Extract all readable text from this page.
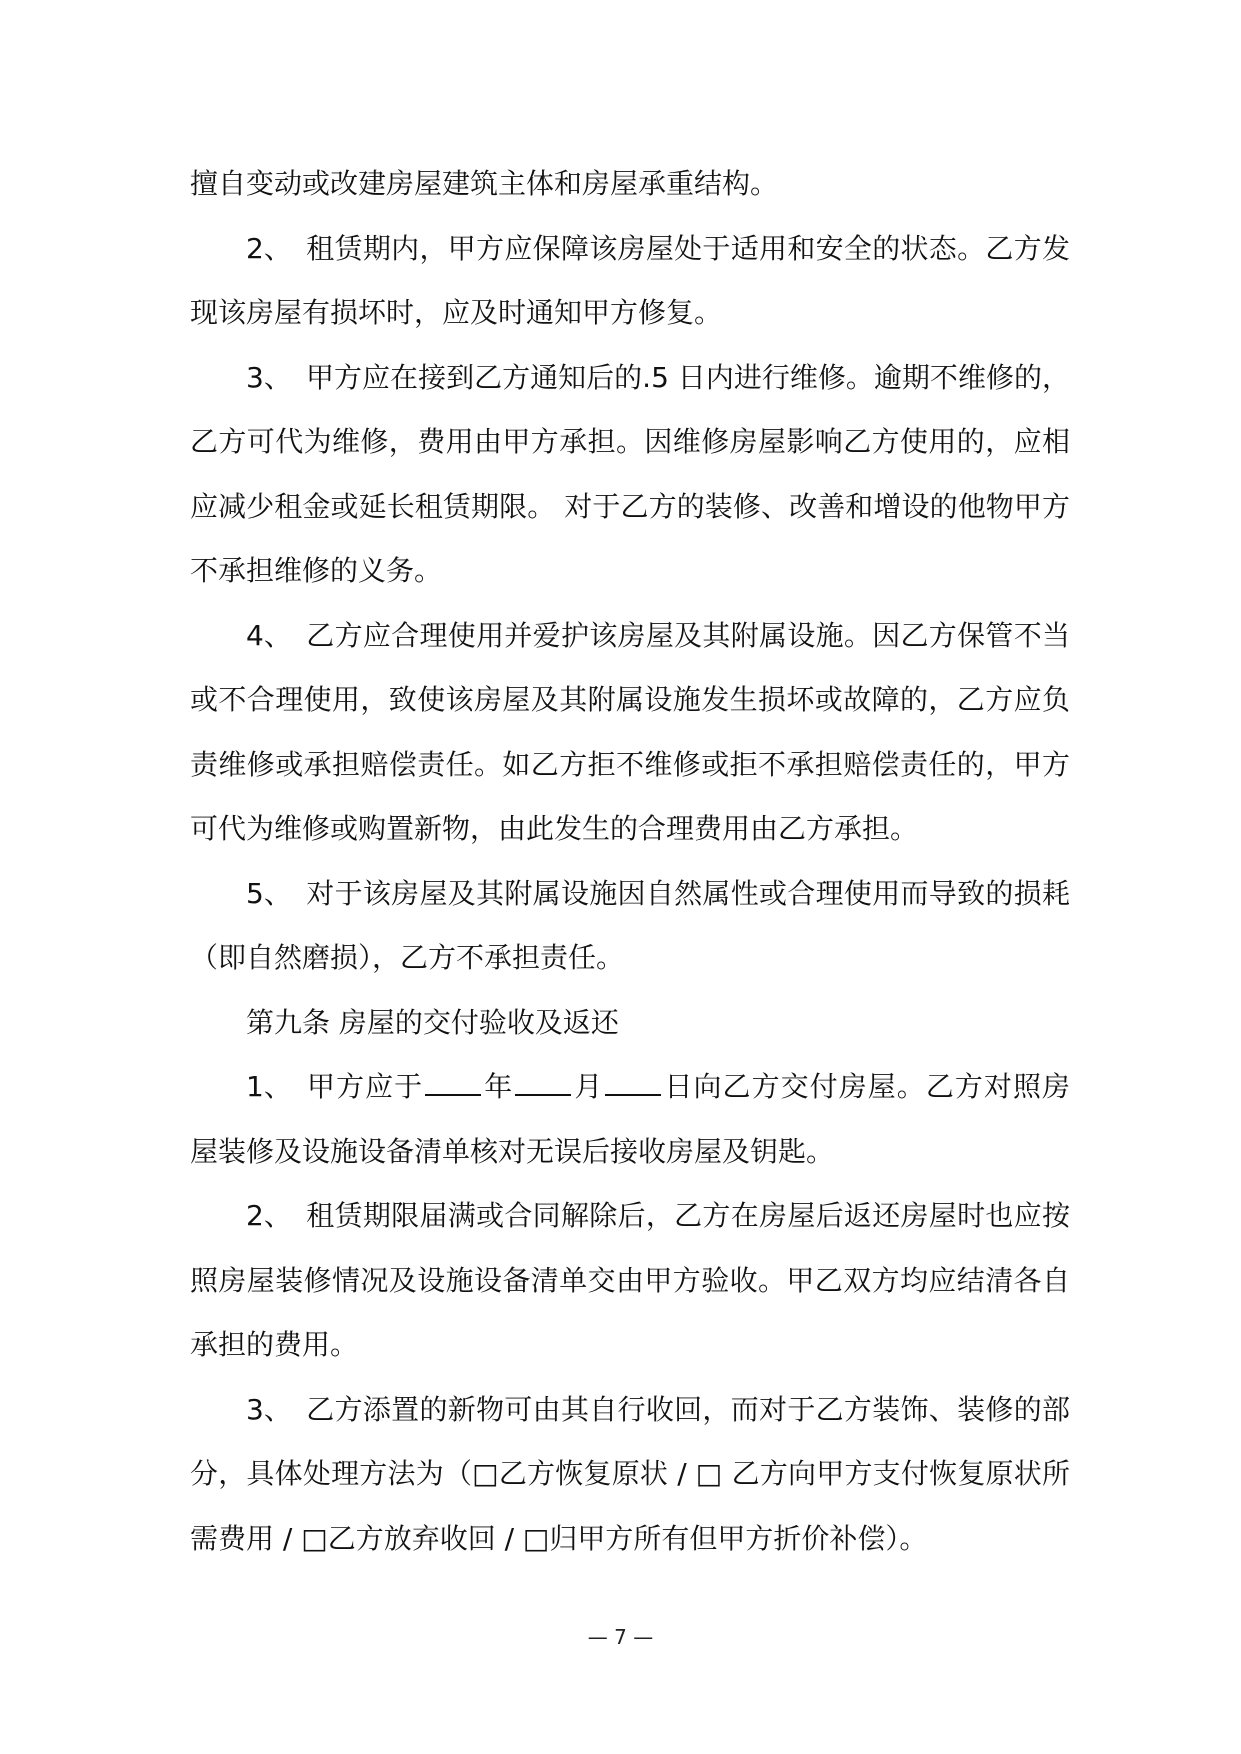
擅自变动或改建房屋建筑主体和房屋承重结构。

2、 租赁期内，甲方应保障该房屋处于适用和安全的状态。乙方发现该房屋有损坏时，应及时通知甲方修复。

3、 甲方应在接到乙方通知后的.5 日内进行维修。逾期不维修的，乙方可代为维修，费用由甲方承担。因维修房屋影响乙方使用的，应相应减少租金或延长租赁期限。 对于乙方的装修、改善和增设的他物甲方不承担维修的义务。

4、 乙方应合理使用并爱护该房屋及其附属设施。因乙方保管不当或不合理使用，致使该房屋及其附属设施发生损坏或故障的，乙方应负责维修或承担赔偿责任。如乙方拒不维修或拒不承担赔偿责任的，甲方可代为维修或购置新物，由此发生的合理费用由乙方承担。

5、 对于该房屋及其附属设施因自然属性或合理使用而导致的损耗（即自然磨损），乙方不承担责任。

第九条 房屋的交付验收及返还

1、 甲方应于 年 月 日向乙方交付房屋。乙方对照房屋装修及设施设备清单核对无误后接收房屋及钥匙。

2、 租赁期限届满或合同解除后，乙方在房屋后返还房屋时也应按照房屋装修情况及设施设备清单交由甲方验收。甲乙双方均应结清各自承担的费用。

3、 乙方添置的新物可由其自行收回，而对于乙方装饰、装修的部分，具体处理方法为（□乙方恢复原状 / □ 乙方向甲方支付恢复原状所需费用 / □乙方放弃收回 / □归甲方所有但甲方折价补偿）。

— 7 —
